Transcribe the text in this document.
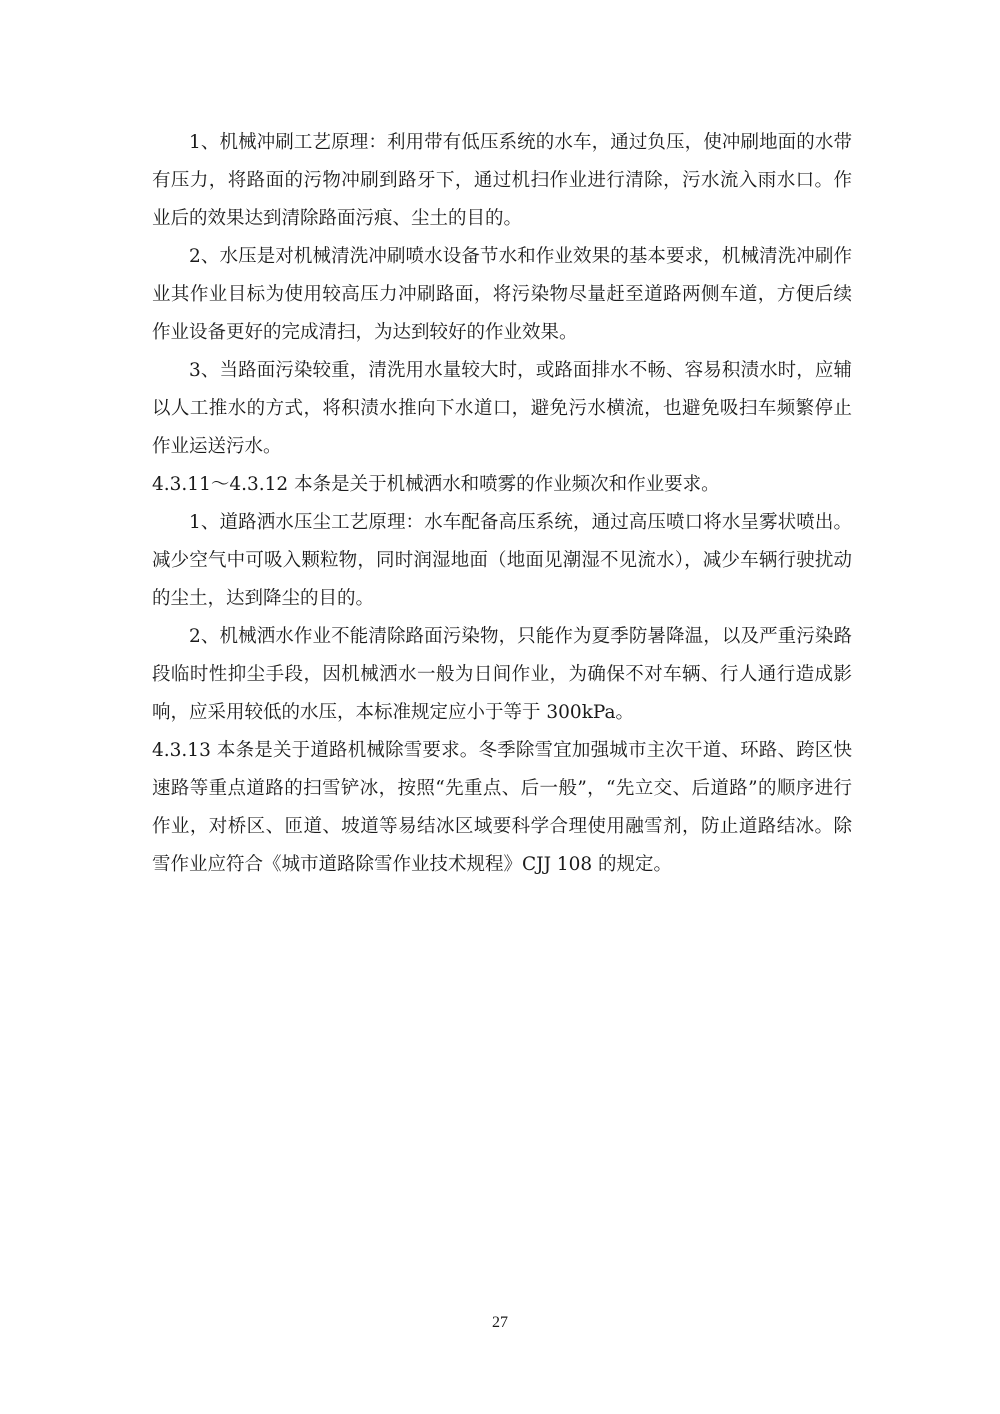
1、机械冲刷工艺原理：利用带有低压系统的水车，通过负压，使冲刷地面的水带有压力，将路面的污物冲刷到路牙下，通过机扫作业进行清除，污水流入雨水口。作业后的效果达到清除路面污痕、尘土的目的。

2、水压是对机械清洗冲刷喷水设备节水和作业效果的基本要求，机械清洗冲刷作业其作业目标为使用较高压力冲刷路面，将污染物尽量赶至道路两侧车道，方便后续作业设备更好的完成清扫，为达到较好的作业效果。

3、当路面污染较重，清洗用水量较大时，或路面排水不畅、容易积渍水时，应辅以人工推水的方式，将积渍水推向下水道口，避免污水横流，也避免吸扫车频繁停止作业运送污水。

4.3.11～4.3.12 本条是关于机械洒水和喷雾的作业频次和作业要求。

1、道路洒水压尘工艺原理：水车配备高压系统，通过高压喷口将水呈雾状喷出。减少空气中可吸入颗粒物，同时润湿地面（地面见潮湿不见流水），减少车辆行驶扰动的尘土，达到降尘的目的。

2、机械洒水作业不能清除路面污染物，只能作为夏季防暑降温，以及严重污染路段临时性抑尘手段，因机械洒水一般为日间作业，为确保不对车辆、行人通行造成影响，应采用较低的水压，本标准规定应小于等于 300kPa。

4.3.13 本条是关于道路机械除雪要求。冬季除雪宜加强城市主次干道、环路、跨区快速路等重点道路的扫雪铲冰，按照“先重点、后一般”，“先立交、后道路”的顺序进行作业，对桥区、匝道、坡道等易结冰区域要科学合理使用融雪剂，防止道路结冰。除雪作业应符合《城市道路除雪作业技术规程》CJJ 108 的规定。

27
